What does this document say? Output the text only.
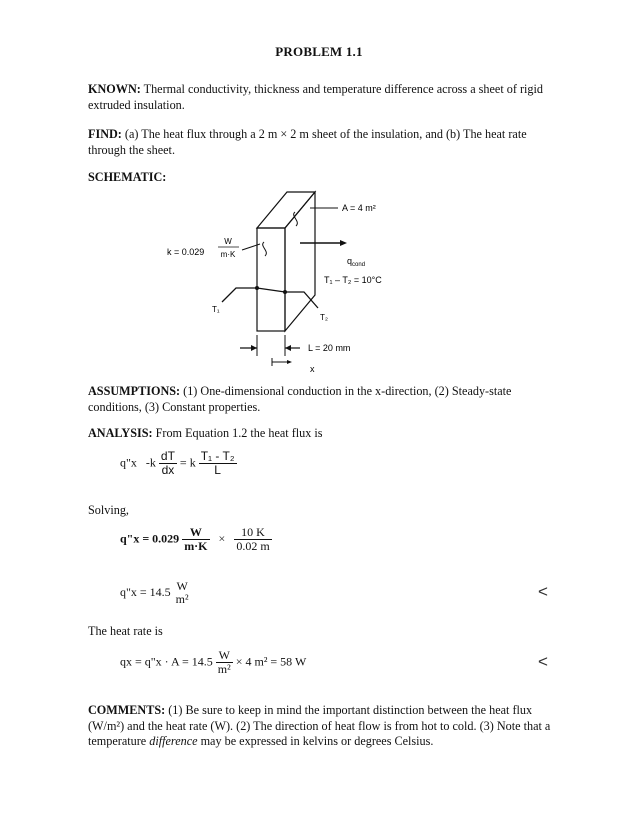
PROBLEM 1.1
KNOWN: Thermal conductivity, thickness and temperature difference across a sheet of rigid extruded insulation.
FIND: (a) The heat flux through a 2 m × 2 m sheet of the insulation, and (b) The heat rate through the sheet.
SCHEMATIC:
A = 4 m²
k = 0.029
W
m·K
$q_{cond}$
T₁ – T₂ = 10°C
T₁
T₂
L = 20 mm
x
ASSUMPTIONS: (1) One-dimensional conduction in the x-direction, (2) Steady-state conditions, (3) Constant properties.
ANALYSIS: From Equation 1.2 the heat flux is
q"x $-k \frac{dT}{dx} = k \frac{\text{T₁ - T₂}}{L}$
Solving,
q"x = $0.029 \frac{W}{m\cdot K} \times \frac{10 K}{0.02 m}$
q"x = 14.5 W
m²	<
The heat rate is
qx = q"x · $A = 14.5 \frac{W}{\text{m²}} \times 4$ m² = 58 W	<
COMMENTS: (1) Be sure to keep in mind the important distinction between the heat flux (W/m²) and the heat rate (W). (2) The direction of heat flow is from hot to cold. (3) Note that a temperature difference may be expressed in kelvins or degrees Celsius.
